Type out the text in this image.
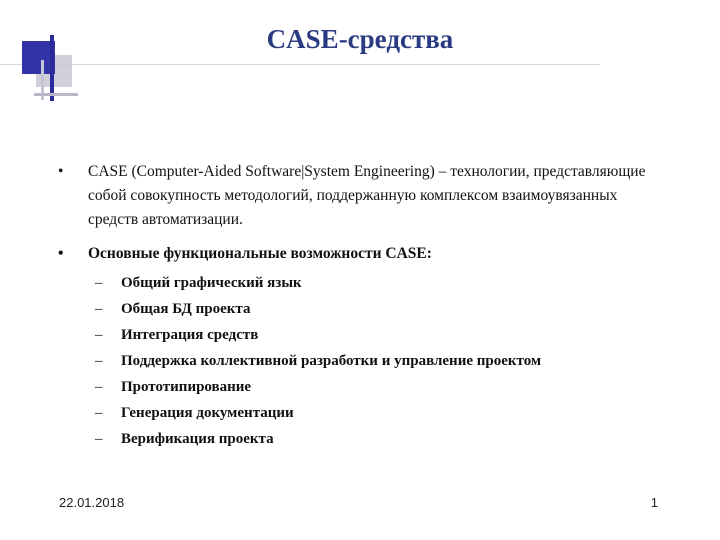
CASE-средства
• CASE (Computer-Aided Software|System Engineering) – технологии, представляющие собой совокупность методологий, поддержанную комплексом взаимоувязанных средств автоматизации.
• Основные функциональные возможности CASE:
– Общий графический язык
– Общая БД проекта
– Интеграция средств
– Поддержка коллективной разработки и управление проектом
– Прототипирование
– Генерация документации
– Верификация проекта
22.01.2018	1
